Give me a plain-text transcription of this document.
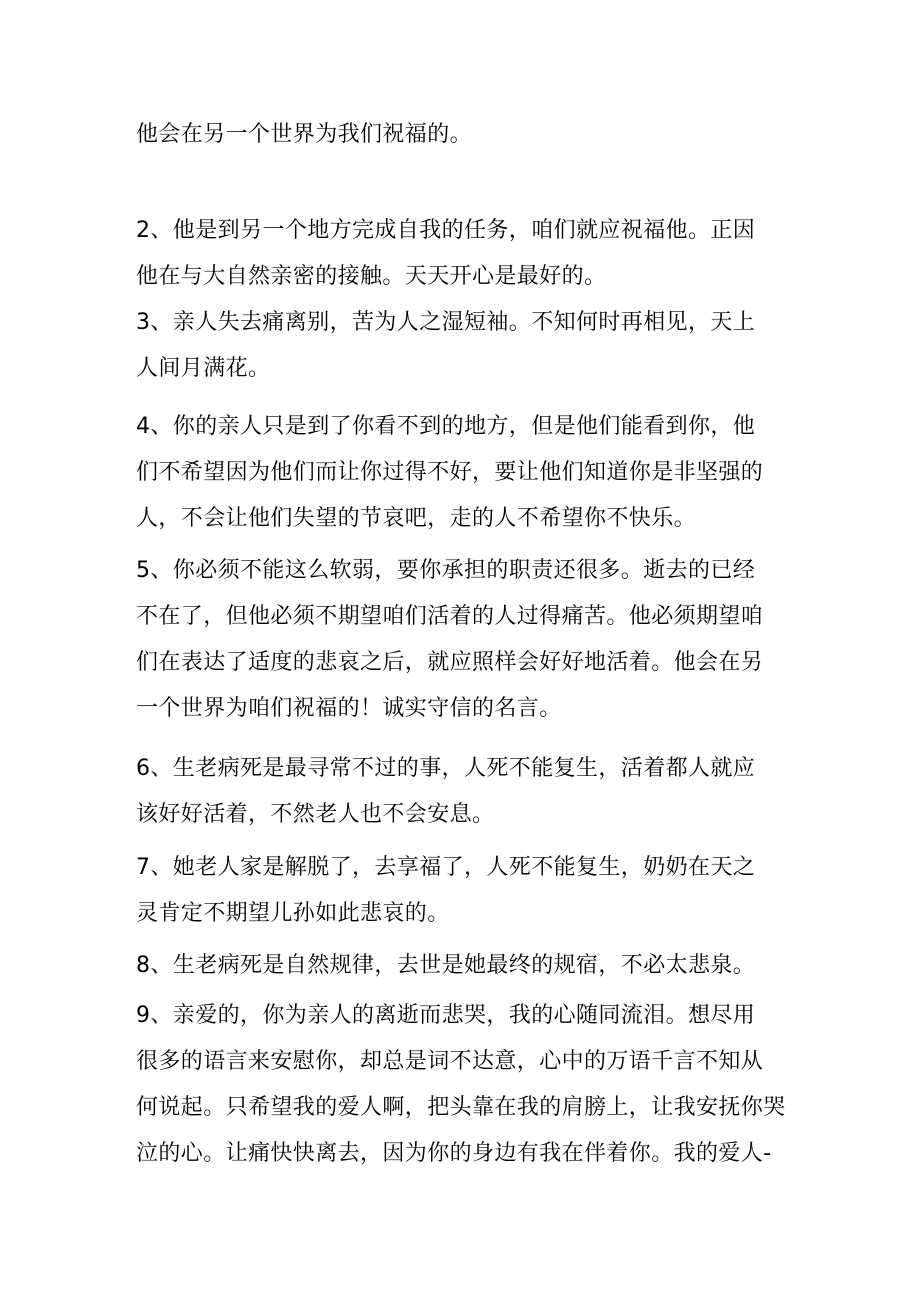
他会在另一个世界为我们祝福的。

2、他是到另一个地方完成自我的任务，咱们就应祝福他。正因
他在与大自然亲密的接触。天天开心是最好的。

3、亲人失去痛离别，苦为人之湿短袖。不知何时再相见，天上
人间月满花。

4、你的亲人只是到了你看不到的地方，但是他们能看到你，他
们不希望因为他们而让你过得不好，要让他们知道你是非坚强的
人，不会让他们失望的节哀吧，走的人不希望你不快乐。

5、你必须不能这么软弱，要你承担的职责还很多。逝去的已经
不在了，但他必须不期望咱们活着的人过得痛苦。他必须期望咱
们在表达了适度的悲哀之后，就应照样会好好地活着。他会在另
一个世界为咱们祝福的！诚实守信的名言。

6、生老病死是最寻常不过的事，人死不能复生，活着都人就应
该好好活着，不然老人也不会安息。

7、她老人家是解脱了，去享福了，人死不能复生，奶奶在天之
灵肯定不期望儿孙如此悲哀的。

8、生老病死是自然规律，去世是她最终的规宿，不必太悲泉。

9、亲爱的，你为亲人的离逝而悲哭，我的心随同流泪。想尽用
很多的语言来安慰你，却总是词不达意，心中的万语千言不知从
何说起。只希望我的爱人啊，把头靠在我的肩膀上，让我安抚你哭
泣的心。让痛快快离去，因为你的身边有我在伴着你。我的爱人-
